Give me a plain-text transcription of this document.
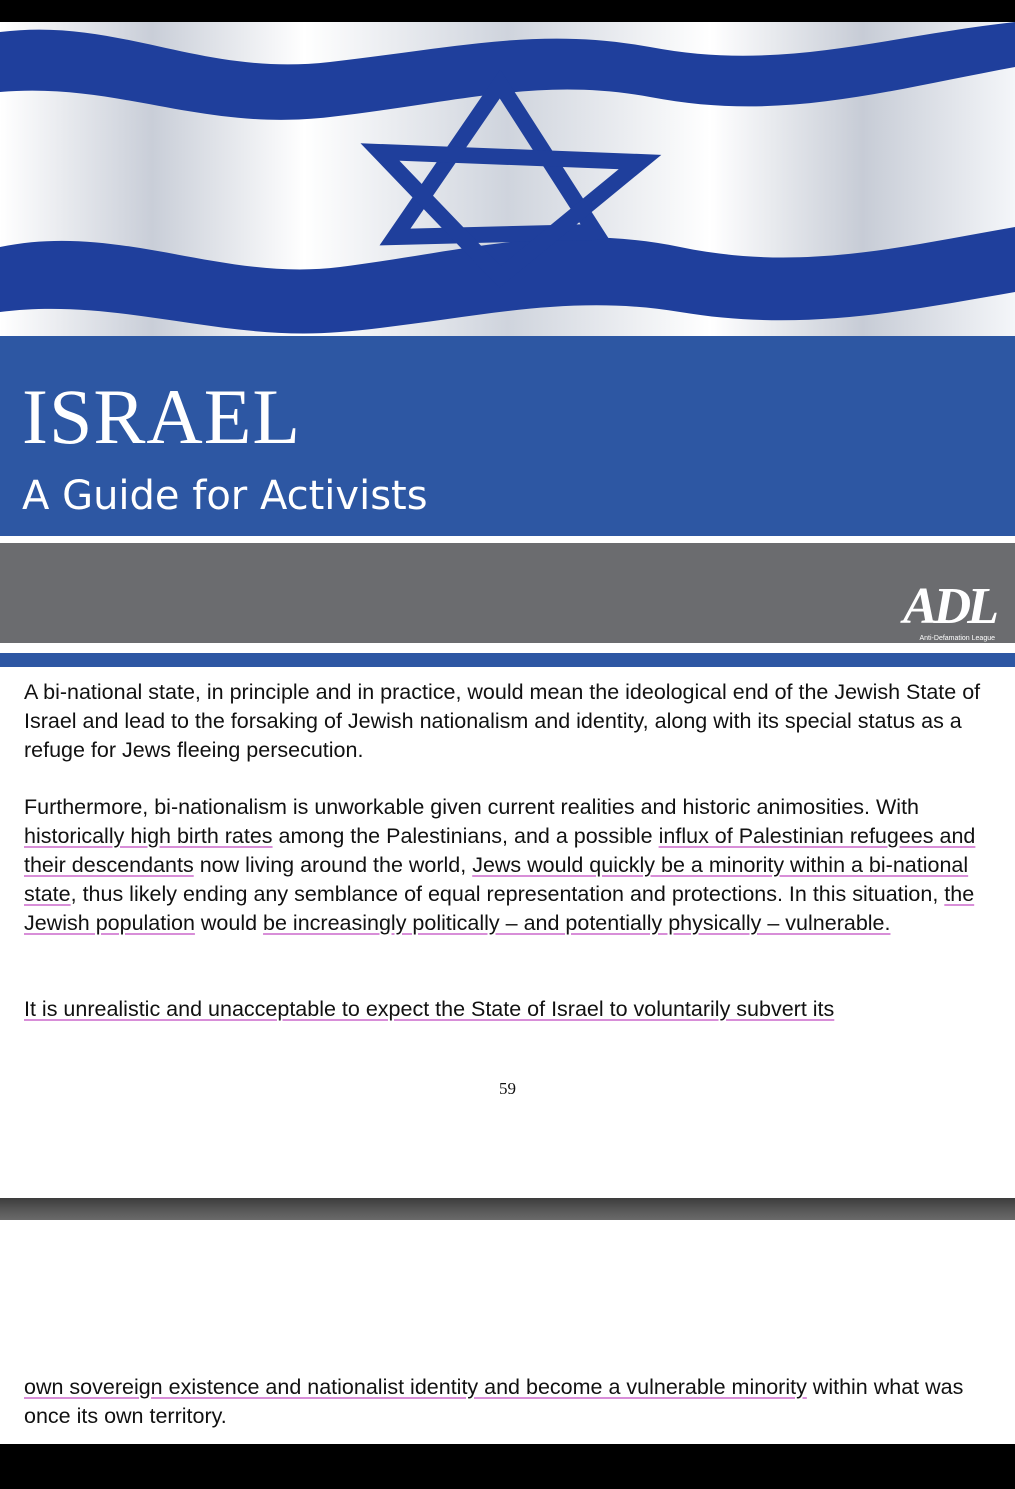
ISRAEL
A Guide for Activists
ADL
Anti-Defamation League
A bi-national state, in principle and in practice, would mean the ideological end of the Jewish State of Israel and lead to the forsaking of Jewish nationalism and identity, along with its special status as a refuge for Jews fleeing persecution.
Furthermore, bi-nationalism is unworkable given current realities and historic animosities. With historically high birth rates among the Palestinians, and a possible influx of Palestinian refugees and their descendants now living around the world, Jews would quickly be a minority within a bi-national state, thus likely ending any semblance of equal representation and protections. In this situation, the Jewish population would be increasingly politically – and potentially physically – vulnerable.
It is unrealistic and unacceptable to expect the State of Israel to voluntarily subvert its
59
own sovereign existence and nationalist identity and become a vulnerable minority within what was once its own territory.
